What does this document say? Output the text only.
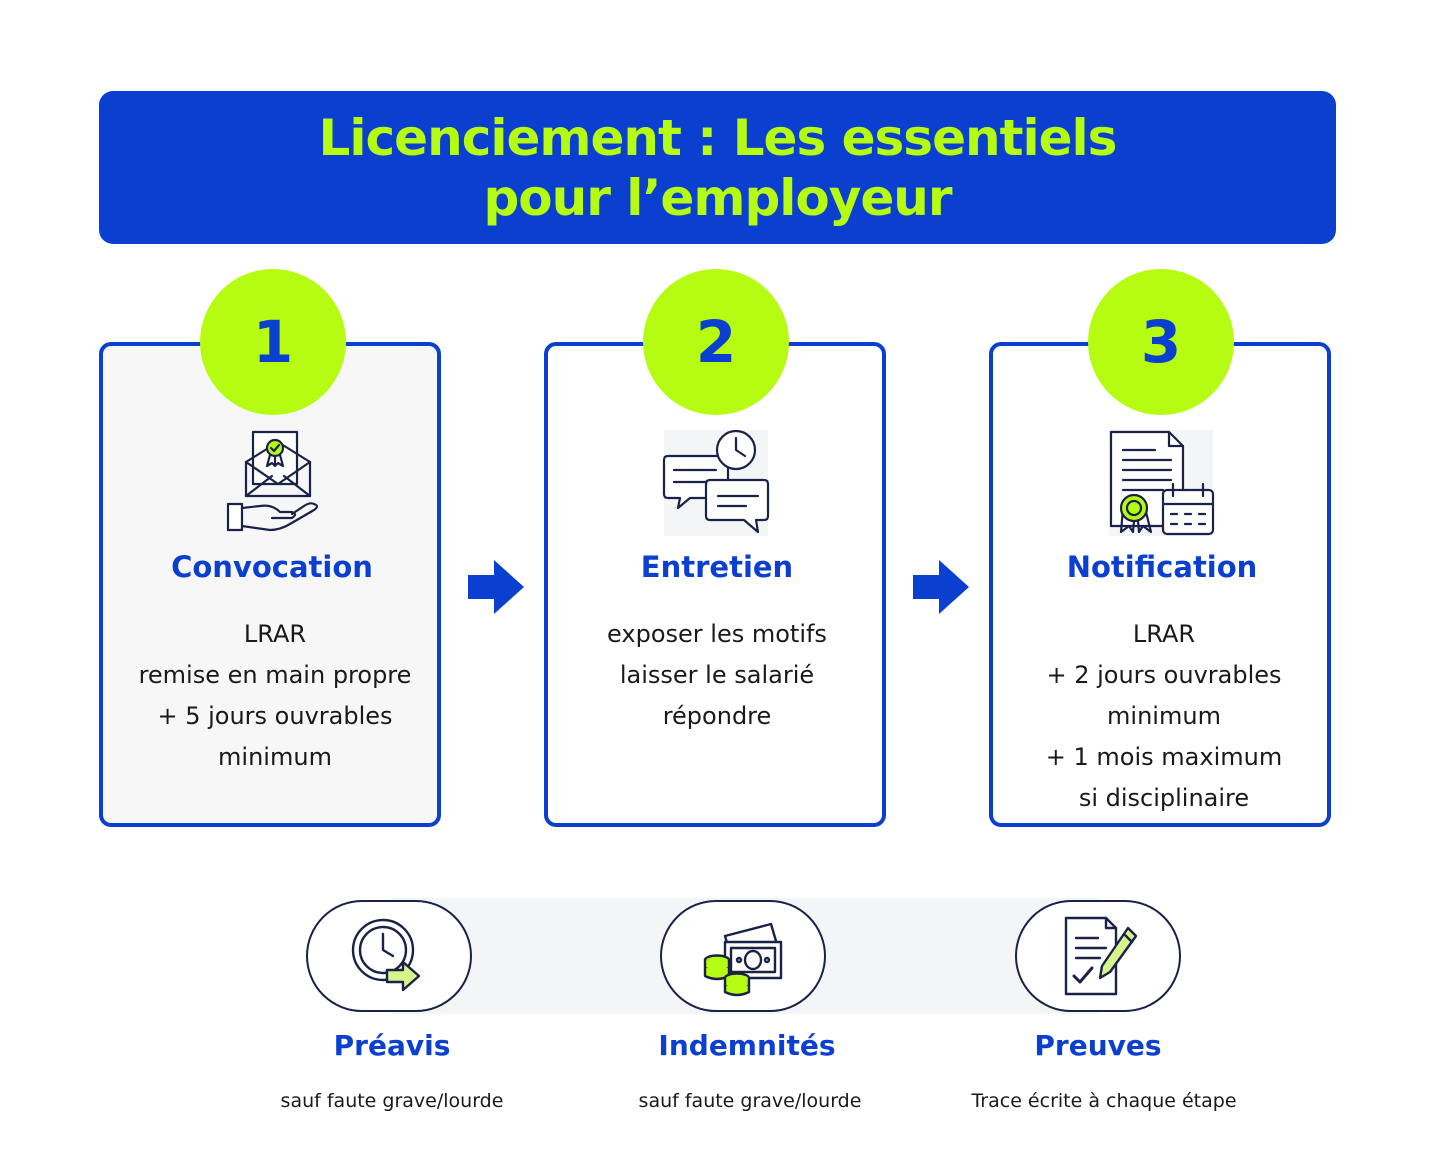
Licenciement : Les essentiels
pour l’employeur
1
Convocation
LRAR
remise en main propre
+ 5 jours ouvrables
minimum
2
Entretien
exposer les motifs
laisser le salarié
répondre
3
Notification
LRAR
+ 2 jours ouvrables
minimum
+ 1 mois maximum
si disciplinaire
Préavis	Indemnités	Preuves
sauf faute grave/lourde	sauf faute grave/lourde	Trace écrite à chaque étape
